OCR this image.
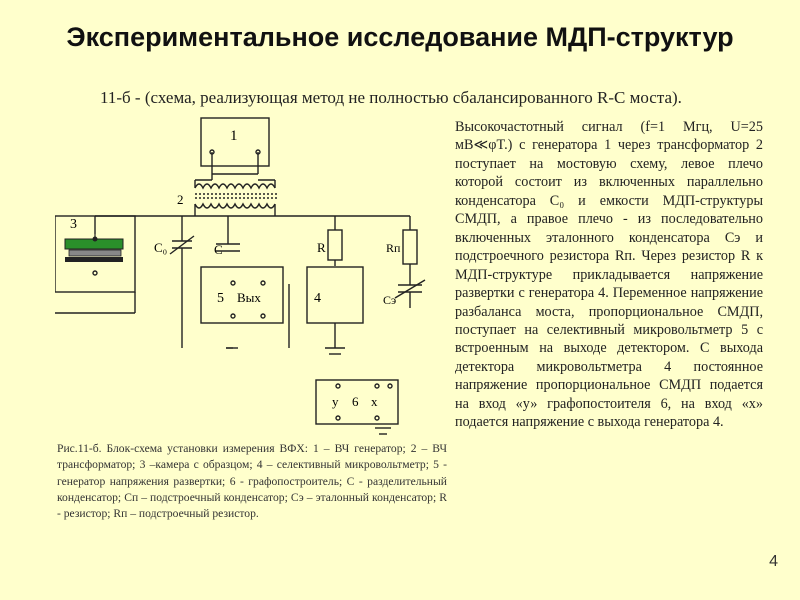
Экспериментальное исследование МДП-структур
11-б - (схема, реализующая метод не полностью сбалансированного R-С моста).
1
2
3
C₀	C	R	Rп
Cэ
5 Вых	4
y 6 x
Высокочастотный сигнал (f=1 Мгц, U=25 мВ≪φT.) с генератора 1 через трансформатор 2 поступает на мостовую схему, левое плечо которой состоит из включенных параллельно конденсатора C₀ и емкости МДП-структуры CМДП, а правое плечо - из последовательно включенных эталонного конденсатора Cэ и подстроечного резистора Rп. Через резистор R к МДП-структуре прикладывается напряжение развертки с генератора 4. Переменное напряжение разбаланса моста, пропорциональное CМДП, поступает на селективный микровольтметр 5 с встроенным на выходе детектором. С выхода детектора микровольтметра 4 постоянное напряжение пропорциональное CМДП подается на вход «у» графопостоителя 6, на вход «х» подается напряжение с выхода генератора 4.
Рис.11-б. Блок-схема установки измерения ВФХ: 1 – ВЧ генератор; 2 – ВЧ трансформатор; 3 –камера с образцом; 4 – селективный микровольтметр; 5 - генератор напряжения развертки; 6 - графопостроитель; С - разделительный конденсатор; Сп – подстроечный конденсатор; Сэ – эталонный конденсатор; R - резистор; Rп – подстроечный резистор.
4
